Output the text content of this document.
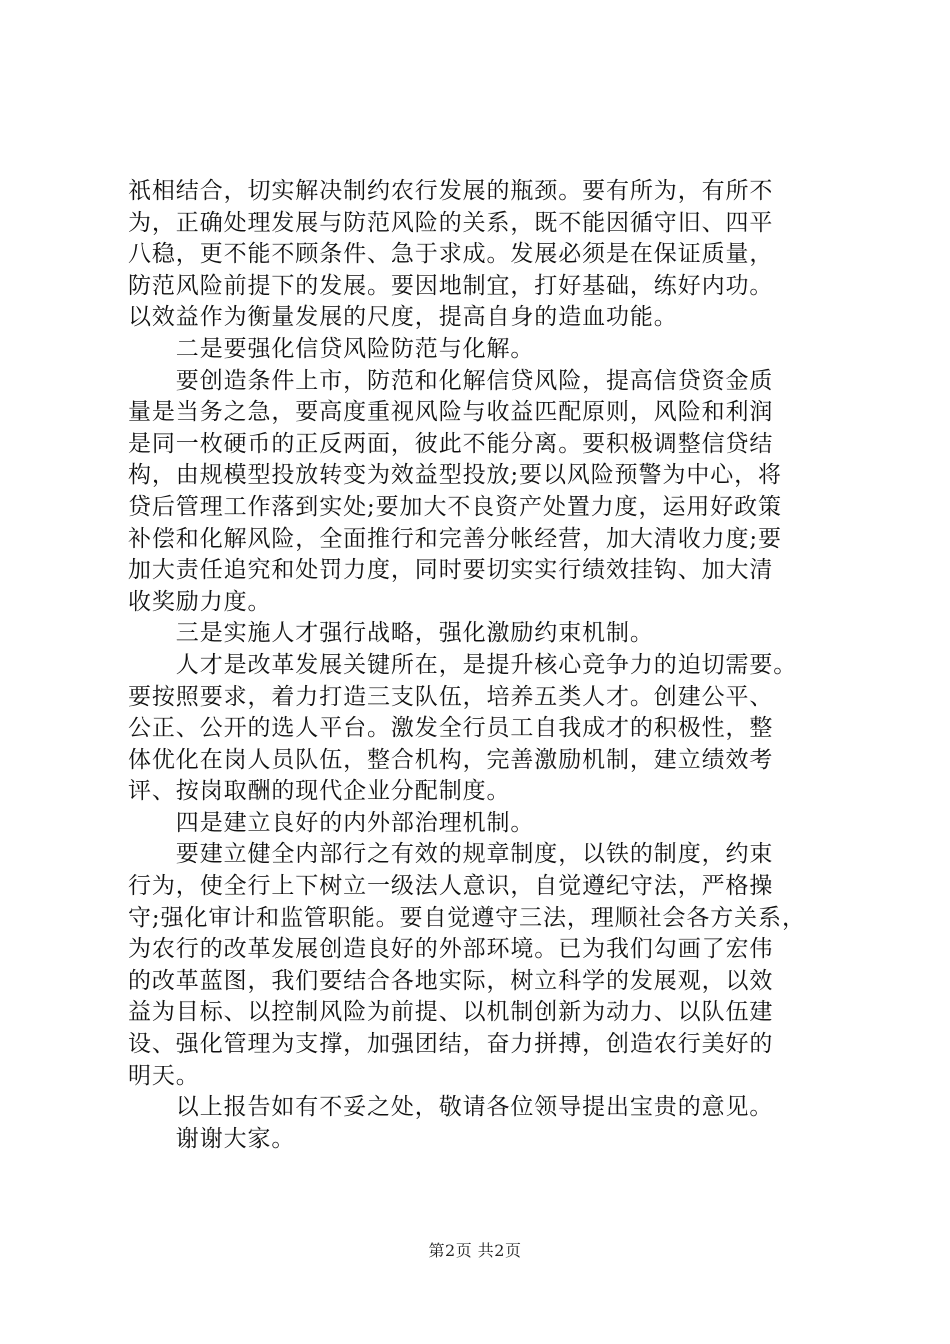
祇相结合，切实解决制约农行发展的瓶颈。要有所为，有所不
为，正确处理发展与防范风险的关系，既不能因循守旧、四平
八稳，更不能不顾条件、急于求成。发展必须是在保证质量，
防范风险前提下的发展。要因地制宜，打好基础，练好内功。
以效益作为衡量发展的尺度，提高自身的造血功能。
　　二是要强化信贷风险防范与化解。
　　要创造条件上市，防范和化解信贷风险，提高信贷资金质
量是当务之急，要高度重视风险与收益匹配原则，风险和利润
是同一枚硬币的正反两面，彼此不能分离。要积极调整信贷结
构，由规模型投放转变为效益型投放;要以风险预警为中心，将
贷后管理工作落到实处;要加大不良资产处置力度，运用好政策
补偿和化解风险，全面推行和完善分帐经营，加大清收力度;要
加大责任追究和处罚力度，同时要切实实行绩效挂钩、加大清
收奖励力度。
　　三是实施人才强行战略，强化激励约束机制。
　　人才是改革发展关键所在，是提升核心竞争力的迫切需要。
要按照要求，着力打造三支队伍，培养五类人才。创建公平、
公正、公开的选人平台。激发全行员工自我成才的积极性，整
体优化在岗人员队伍，整合机构，完善激励机制，建立绩效考
评、按岗取酬的现代企业分配制度。
　　四是建立良好的内外部治理机制。
　　要建立健全内部行之有效的规章制度，以铁的制度，约束
行为，使全行上下树立一级法人意识，自觉遵纪守法，严格操
守;强化审计和监管职能。要自觉遵守三法，理顺社会各方关系，
为农行的改革发展创造良好的外部环境。已为我们勾画了宏伟
的改革蓝图，我们要结合各地实际，树立科学的发展观，以效
益为目标、以控制风险为前提、以机制创新为动力、以队伍建
设、强化管理为支撑，加强团结，奋力拼搏，创造农行美好的
明天。
　　以上报告如有不妥之处，敬请各位领导提出宝贵的意见。
　　谢谢大家。
第2页 共2页
